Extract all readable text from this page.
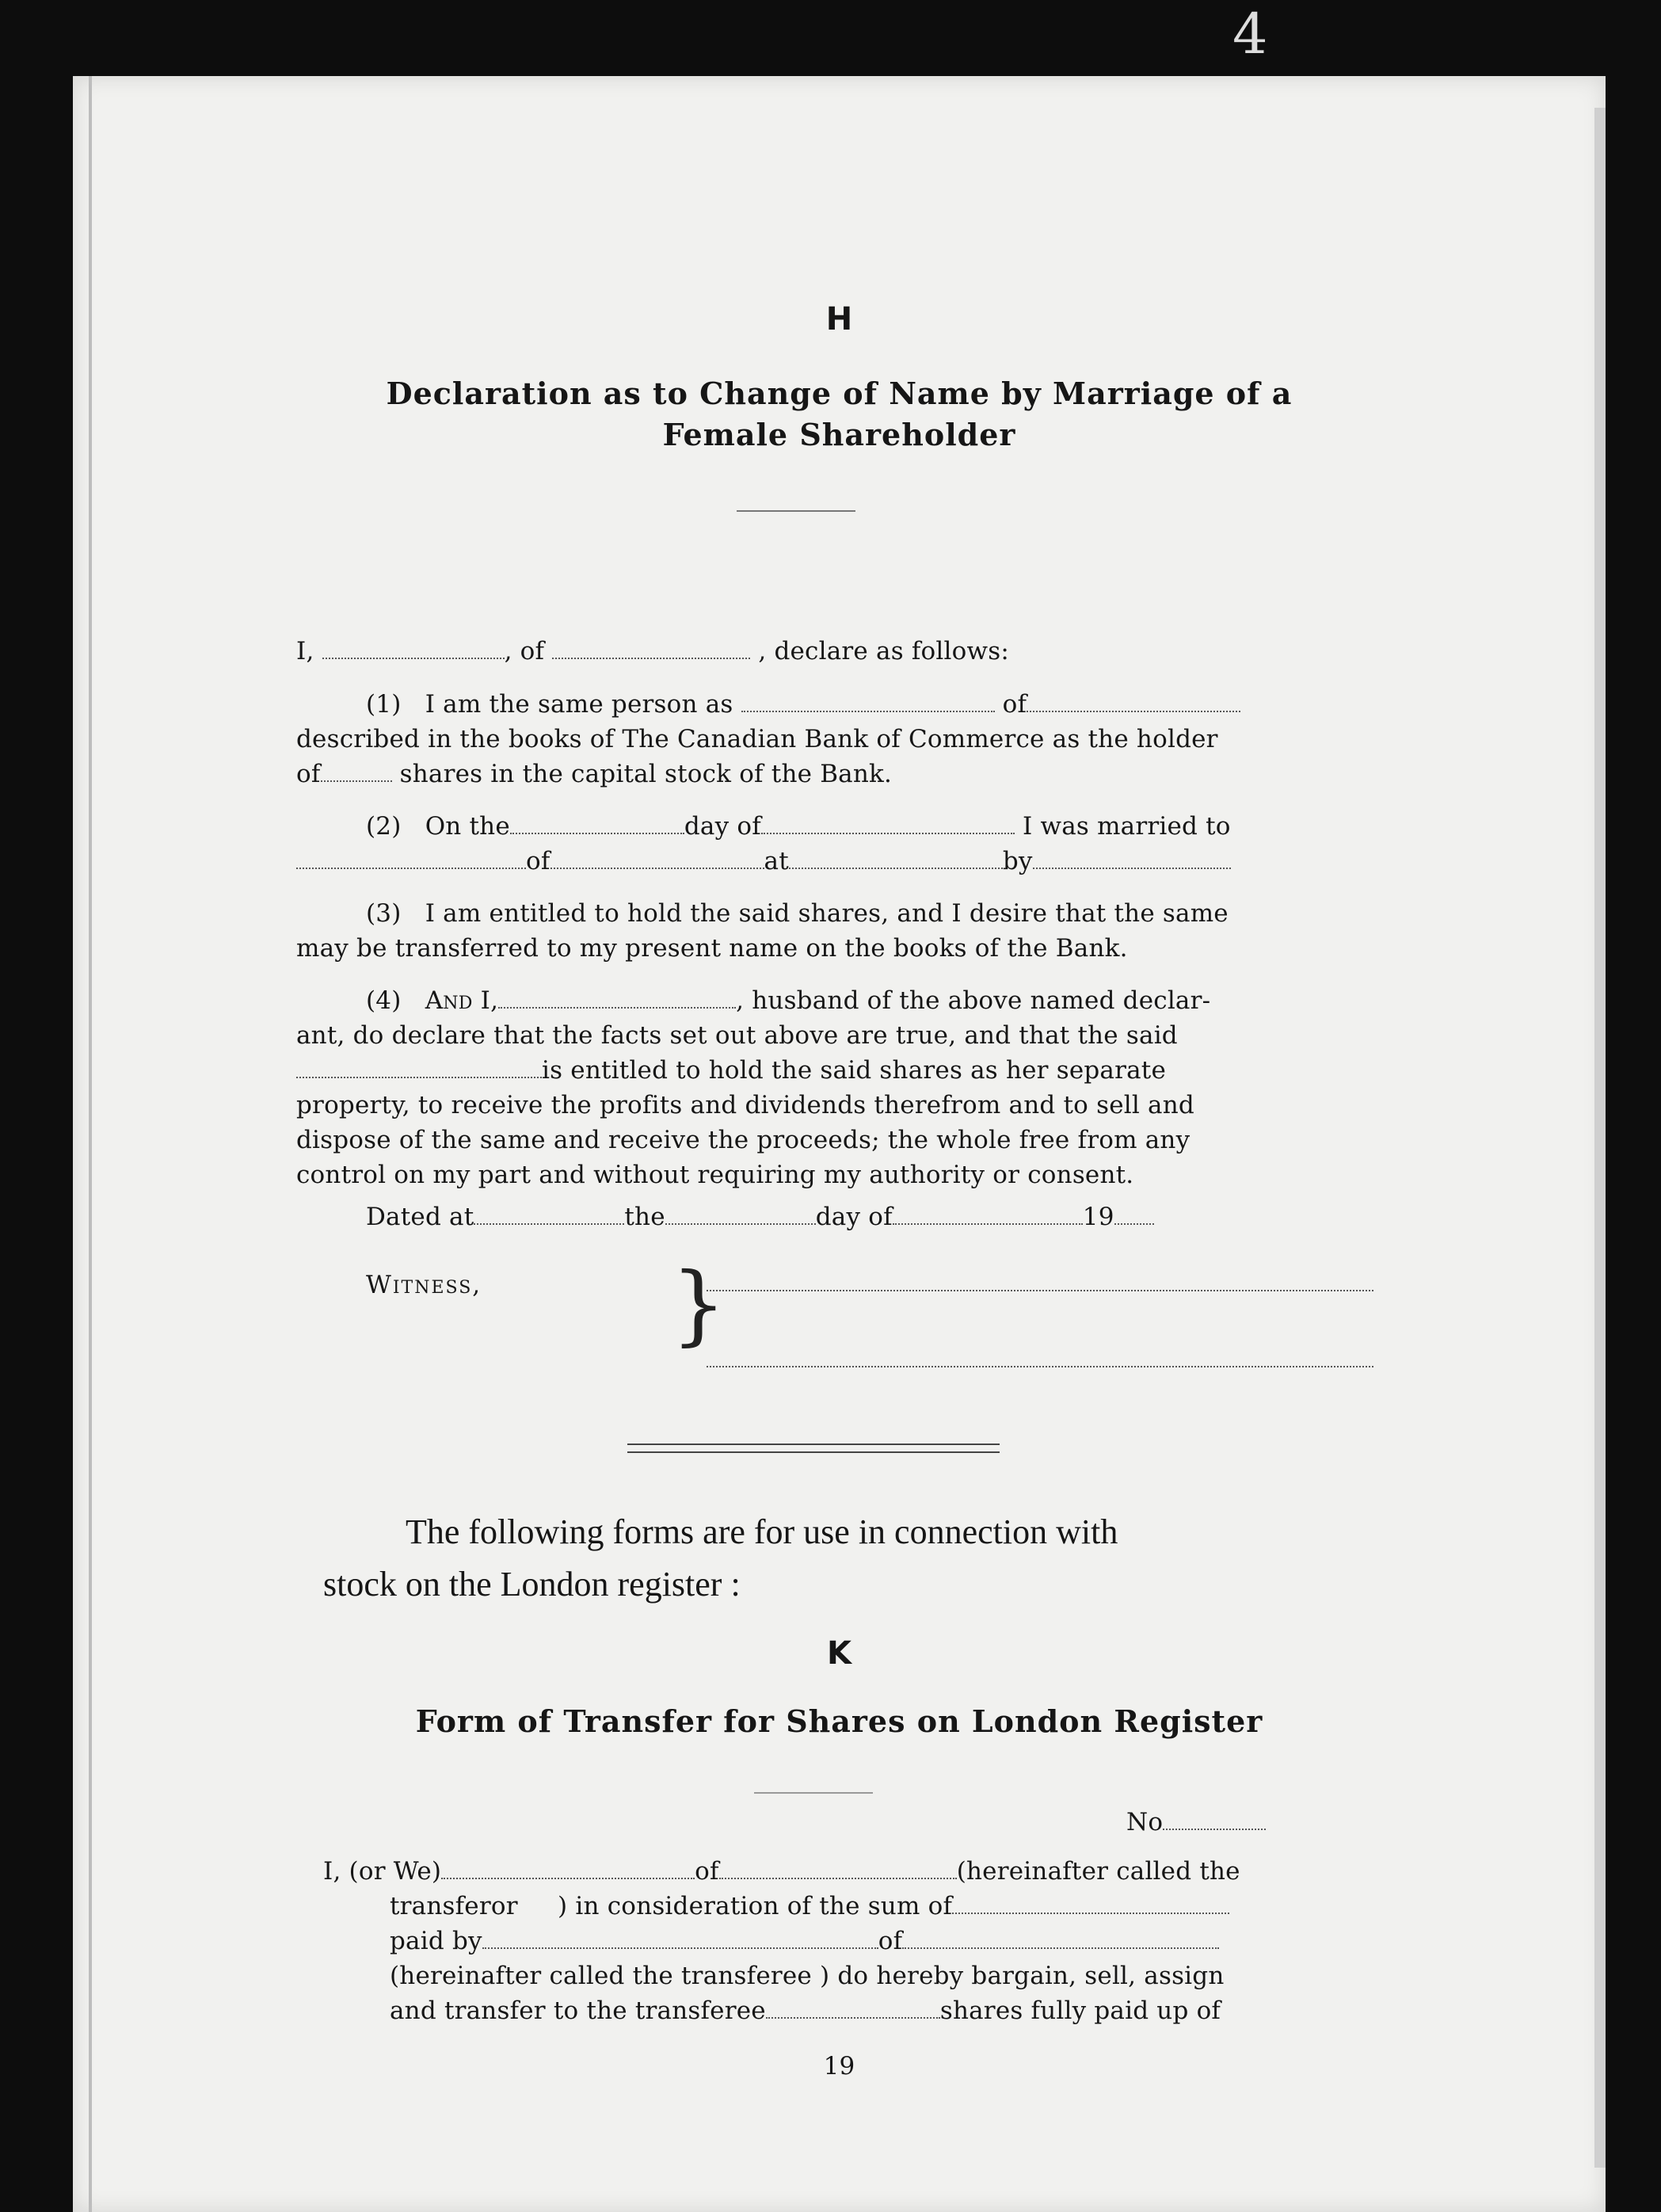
4
H
Declaration as to Change of Name by Marriage of a
Female Shareholder
I,	, of	, declare as follows:
(1) I am the same person as	of
described in the books of The Canadian Bank of Commerce as the holder
of	shares in the capital stock of the Bank.
(2) On the	day of	I was married to
of	at	by
(3) I am entitled to hold the said shares, and I desire that the same
may be transferred to my present name on the books of the Bank.
(4) And I,	, husband of the above named declar-
ant, do declare that the facts set out above are true, and that the said
is entitled to hold the said shares as her separate
property, to receive the profits and dividends therefrom and to sell and
dispose of the same and receive the proceeds; the whole free from any
control on my part and without requiring my authority or consent.
Dated at	the	day of	19
Witness, }
The following forms are for use in connection with
stock on the London register :
K
Form of Transfer for Shares on London Register
No
I, (or We)	of	(hereinafter called the
transferor ) in consideration of the sum of
paid by	of
(hereinafter called the transferee ) do hereby bargain, sell, assign
and transfer to the transferee	shares fully paid up of
19
